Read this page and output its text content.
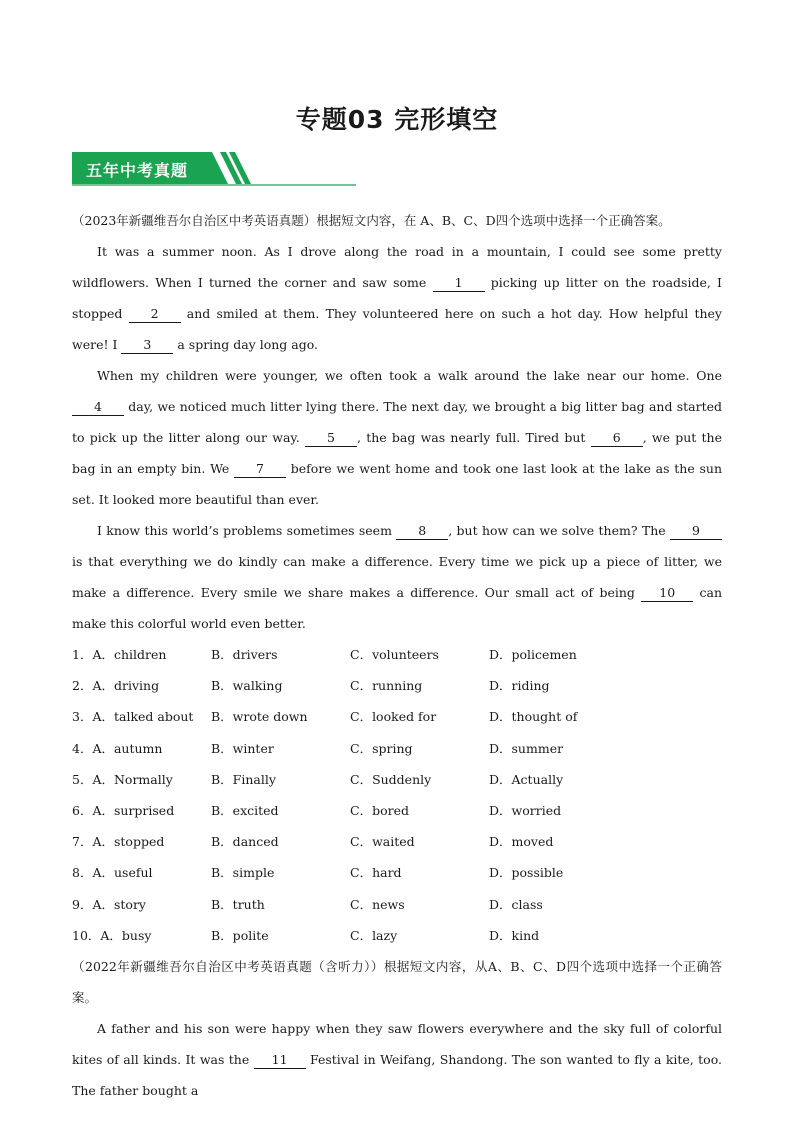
专题03 完形填空
五年中考真题

（2023年新疆维吾尔自治区中考英语真题）根据短文内容，在 A、B、C、D四个选项中选择一个正确答案。

It was a summer noon. As I drove along the road in a mountain, I could see some pretty wildflowers. When I turned the corner and saw some 1 picking up litter on the roadside, I stopped 2 and smiled at them. They volunteered here on such a hot day. How helpful they were! I 3 a spring day long ago.

When my children were younger, we often took a walk around the lake near our home. One 4 day, we noticed much litter lying there. The next day, we brought a big litter bag and started to pick up the litter along our way. 5 , the bag was nearly full. Tired but 6 , we put the bag in an empty bin. We 7 before we went home and took one last look at the lake as the sun set. It looked more beautiful than ever.

I know this world’s problems sometimes seem 8 , but how can we solve them? The 9 is that everything we do kindly can make a difference. Every time we pick up a piece of litter, we make a difference. Every smile we share makes a difference. Our small act of being 10 can make this colorful world even better.

1．A．children	B．drivers	C．volunteers	D．policemen
2．A．driving	B．walking	C．running	D．riding
3．A．talked about	B．wrote down	C．looked for	D．thought of
4．A．autumn	B．winter	C．spring	D．summer
5．A．Normally	B．Finally	C．Suddenly	D．Actually
6．A．surprised	B．excited	C．bored	D．worried
7．A．stopped	B．danced	C．waited	D．moved
8．A．useful	B．simple	C．hard	D．possible
9．A．story	B．truth	C．news	D．class
10．A．busy	B．polite	C．lazy	D．kind

（2022年新疆维吾尔自治区中考英语真题（含听力））根据短文内容，从A、B、C、D四个选项中选择一个正确答案。

A father and his son were happy when they saw flowers everywhere and the sky full of colorful kites of all kinds. It was the 11 Festival in Weifang, Shandong. The son wanted to fly a kite, too. The father bought a
